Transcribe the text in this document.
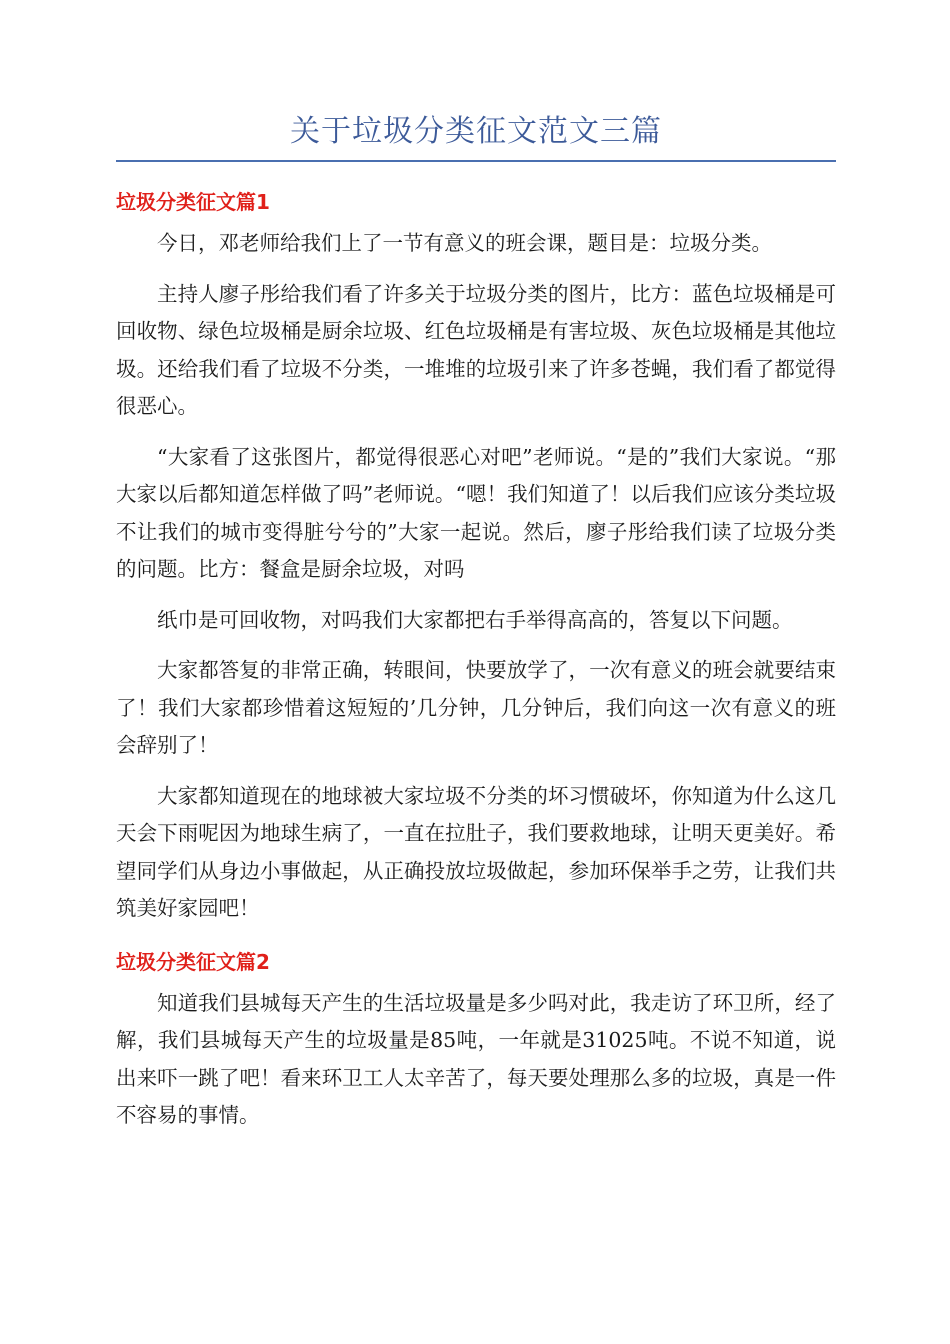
关于垃圾分类征文范文三篇
垃圾分类征文篇1

今日，邓老师给我们上了一节有意义的班会课，题目是：垃圾分类。

主持人廖子彤给我们看了许多关于垃圾分类的图片，比方：蓝色垃圾桶是可回收物、绿色垃圾桶是厨余垃圾、红色垃圾桶是有害垃圾、灰色垃圾桶是其他垃圾。还给我们看了垃圾不分类，一堆堆的垃圾引来了许多苍蝇，我们看了都觉得很恶心。

“大家看了这张图片，都觉得很恶心对吧”老师说。“是的”我们大家说。“那大家以后都知道怎样做了吗”老师说。“嗯！我们知道了！以后我们应该分类垃圾不让我们的城市变得脏兮兮的”大家一起说。然后，廖子彤给我们读了垃圾分类的问题。比方：餐盒是厨余垃圾，对吗

纸巾是可回收物，对吗我们大家都把右手举得高高的，答复以下问题。

大家都答复的非常正确，转眼间，快要放学了，一次有意义的班会就要结束了！我们大家都珍惜着这短短的’几分钟，几分钟后，我们向这一次有意义的班会辞别了！

大家都知道现在的地球被大家垃圾不分类的坏习惯破坏，你知道为什么这几天会下雨呢因为地球生病了，一直在拉肚子，我们要救地球，让明天更美好。希望同学们从身边小事做起，从正确投放垃圾做起，参加环保举手之劳，让我们共筑美好家园吧！

垃圾分类征文篇2

知道我们县城每天产生的生活垃圾量是多少吗对此，我走访了环卫所，经了解，我们县城每天产生的垃圾量是85吨，一年就是31025吨。不说不知道，说出来吓一跳了吧！看来环卫工人太辛苦了，每天要处理那么多的垃圾，真是一件不容易的事情。
